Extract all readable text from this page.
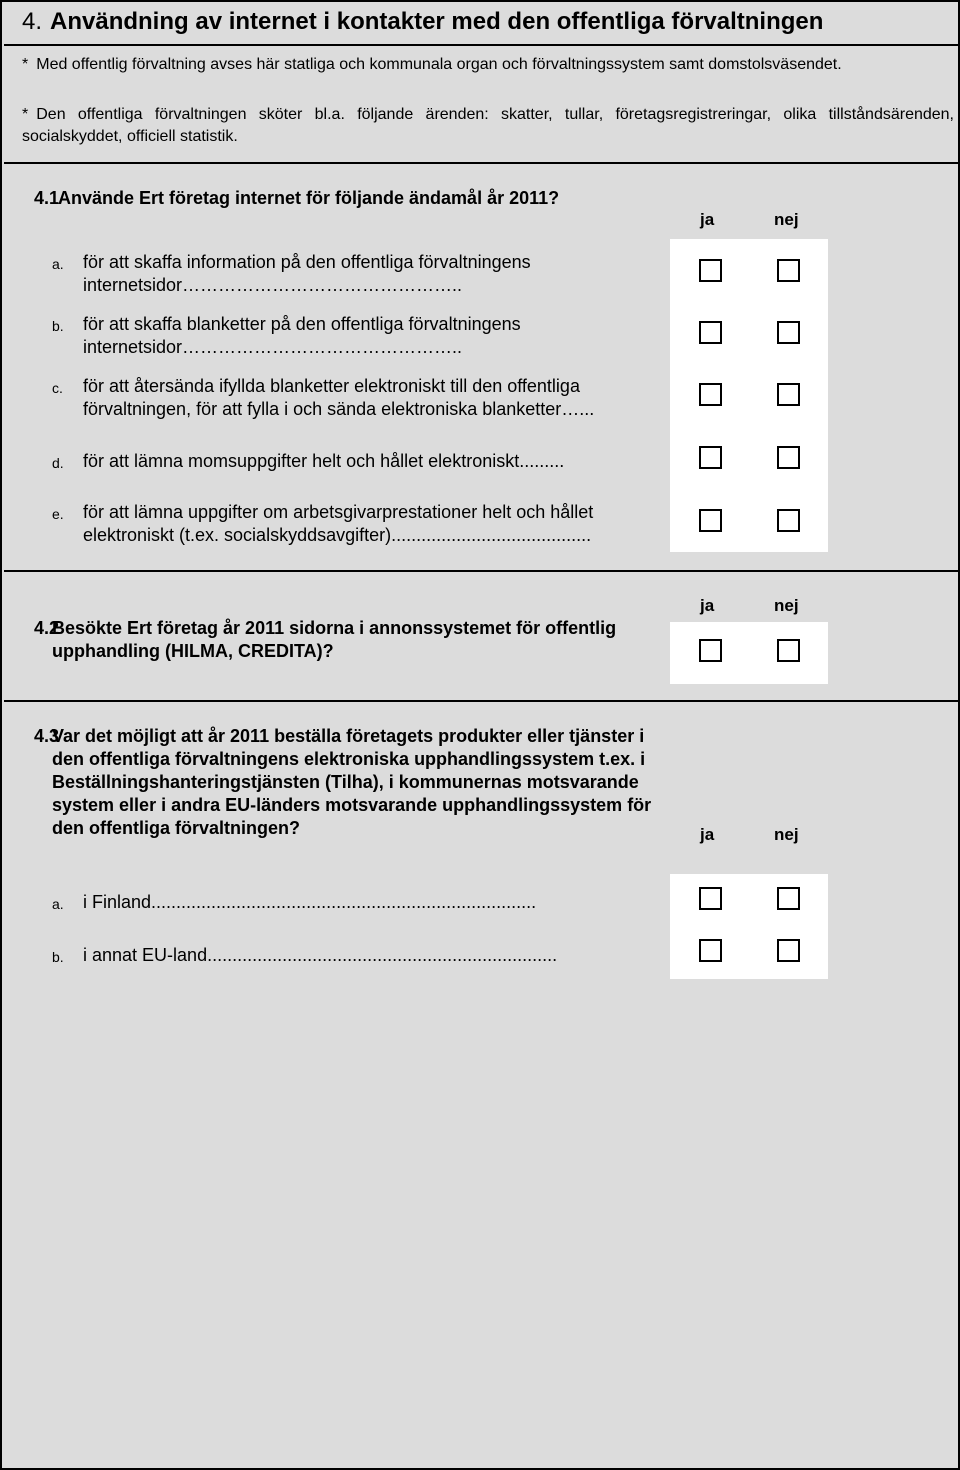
4. Användning av internet i kontakter med den offentliga förvaltningen
* Med offentlig förvaltning avses här statliga och kommunala organ och förvaltningssystem samt domstolsväsendet.
* Den offentliga förvaltningen sköter bl.a. följande ärenden: skatter, tullar, företagsregistreringar, olika tillståndsärenden, socialskyddet, officiell statistik.
4.1
Använde Ert företag internet för följande ändamål år 2011?
ja	nej
a.	för att skaffa information på den offentliga förvaltningens internetsidor………………………………………..
b.	för att skaffa blanketter på den offentliga förvaltningens internetsidor………………………………………..
c.	för att återsända ifyllda blanketter elektroniskt till den offentliga förvaltningen, för att fylla i och sända elektroniska blanketter…...
d.	för att lämna momsuppgifter helt och hållet elektroniskt.........
e.	för att lämna uppgifter om arbetsgivarprestationer helt och hållet elektroniskt (t.ex. socialskyddsavgifter)........................................
ja	nej
4.2
Besökte Ert företag år 2011 sidorna i annonssystemet för offentlig upphandling (HILMA, CREDITA)?
4.3
Var det möjligt att år 2011 beställa företagets produkter eller tjänster i den offentliga förvaltningens elektroniska upphandlingssystem t.ex. i Beställningshanteringstjänsten (Tilha), i kommunernas motsvarande system eller i andra EU-länders motsvarande upphandlingssystem för den offentliga förvaltningen?	ja	nej
a.	i Finland.............................................................................
b.	i annat EU-land......................................................................
